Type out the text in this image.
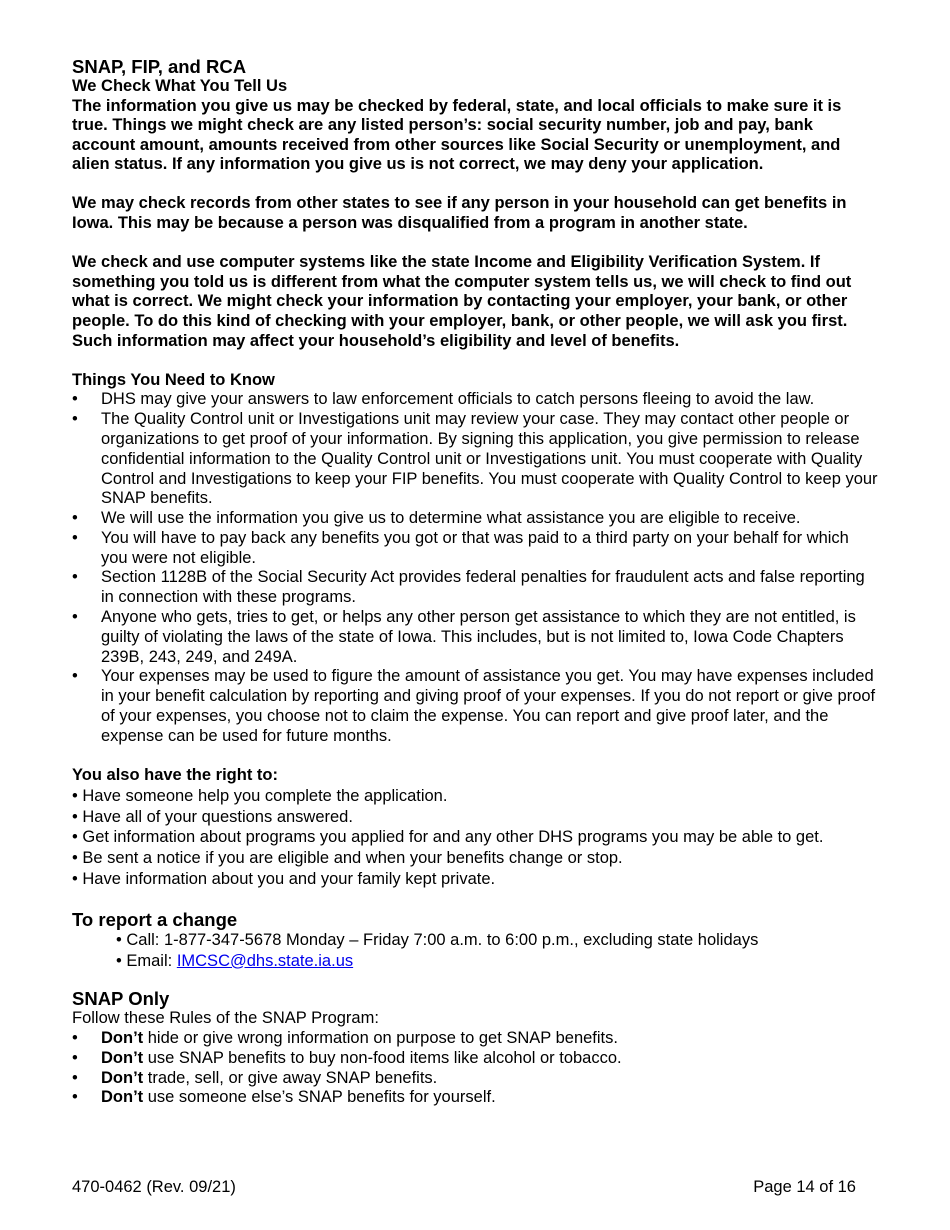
SNAP, FIP, and RCA
We Check What You Tell Us

The information you give us may be checked by federal, state, and local officials to make sure it is true. Things we might check are any listed person’s: social security number, job and pay, bank account amount, amounts received from other sources like Social Security or unemployment, and alien status. If any information you give us is not correct, we may deny your application.

We may check records from other states to see if any person in your household can get benefits in Iowa. This may be because a person was disqualified from a program in another state.

We check and use computer systems like the state Income and Eligibility Verification System. If something you told us is different from what the computer system tells us, we will check to find out what is correct. We might check your information by contacting your employer, your bank, or other people. To do this kind of checking with your employer, bank, or other people, we will ask you first. Such information may affect your household’s eligibility and level of benefits.

Things You Need to Know
• DHS may give your answers to law enforcement officials to catch persons fleeing to avoid the law.
• The Quality Control unit or Investigations unit may review your case. They may contact other people or organizations to get proof of your information. By signing this application, you give permission to release confidential information to the Quality Control unit or Investigations unit. You must cooperate with Quality Control and Investigations to keep your FIP benefits. You must cooperate with Quality Control to keep your SNAP benefits.
• We will use the information you give us to determine what assistance you are eligible to receive.
• You will have to pay back any benefits you got or that was paid to a third party on your behalf for which you were not eligible.
• Section 1128B of the Social Security Act provides federal penalties for fraudulent acts and false reporting in connection with these programs.
• Anyone who gets, tries to get, or helps any other person get assistance to which they are not entitled, is guilty of violating the laws of the state of Iowa. This includes, but is not limited to, Iowa Code Chapters 239B, 243, 249, and 249A.
• Your expenses may be used to figure the amount of assistance you get. You may have expenses included in your benefit calculation by reporting and giving proof of your expenses. If you do not report or give proof of your expenses, you choose not to claim the expense. You can report and give proof later, and the expense can be used for future months.
You also have the right to:
• Have someone help you complete the application.
• Have all of your questions answered.
• Get information about programs you applied for and any other DHS programs you may be able to get.
• Be sent a notice if you are eligible and when your benefits change or stop.
• Have information about you and your family kept private.
To report a change
• Call: 1-877-347-5678 Monday – Friday 7:00 a.m. to 6:00 p.m., excluding state holidays
• Email: IMCSC@dhs.state.ia.us
SNAP Only

Follow these Rules of the SNAP Program:

• Don’t hide or give wrong information on purpose to get SNAP benefits.
• Don’t use SNAP benefits to buy non-food items like alcohol or tobacco.
• Don’t trade, sell, or give away SNAP benefits.
• Don’t use someone else’s SNAP benefits for yourself.
470-0462 (Rev. 09/21)	Page 14 of 16
